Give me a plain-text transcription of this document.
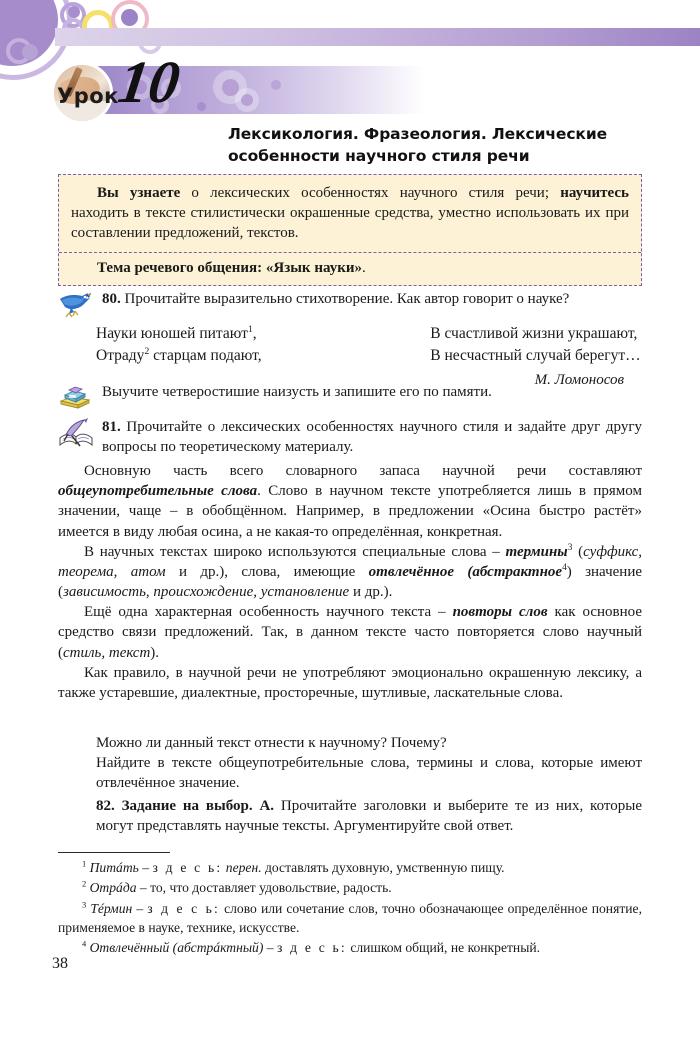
Урок
10
Лексикология. Фразеология. Лексические особенности научного стиля речи
Вы узнаете о лексических особенностях научного стиля речи; научитесь находить в тексте стилистически окрашенные средства, уместно использовать их при составлении предложений, текстов.
Тема речевого общения: «Язык науки».
80. Прочитайте выразительно стихотворение. Как автор говорит о науке?
Науки юношей питают$^1$,	В счастливой жизни украшают,
Отраду$^2$ старцам подают,	В несчастный случай берегут…
М. Ломоносов
Выучите четверостишие наизусть и запишите его по памяти.
81. Прочитайте о лексических особенностях научного стиля и задайте друг другу вопросы по теоретическому материалу.

Основную часть всего словарного запаса научной речи составляют общеупотребительные слова. Слово в научном тексте употребляется лишь в прямом значении, чаще – в обобщённом. Например, в предложении «Осина быстро растёт» имеется в виду любая осина, а не какая-то определённая, конкретная.

В научных текстах широко используются специальные слова – термины$^3$ (суффикс, теорема, атом и др.), слова, имеющие отвлечённое (абстрактное$^4$) значение (зависимость, происхождение, установление и др.).

Ещё одна характерная особенность научного текста – повторы слов как основное средство связи предложений. Так, в данном тексте часто повторяется слово научный (стиль, текст).

Как правило, в научной речи не употребляют эмоционально окрашенную лексику, а также устаревшие, диалектные, просторечные, шутливые, ласкательные слова.

Можно ли данный текст отнести к научному? Почему?

Найдите в тексте общеупотребительные слова, термины и слова, которые имеют отвлечённое значение.

82. Задание на выбор. А. Прочитайте заголовки и выберите те из них, которые могут представлять научные тексты. Аргументируйте свой ответ.

$^1$ Питáть – з д е с ь: перен. доставлять духовную, умственную пищу.

$^2$ Отрáда – то, что доставляет удовольствие, радость.

$^3$ Тéрмин – з д е с ь: слово или сочетание слов, точно обозначающее определённое понятие, применяемое в науке, технике, искусстве.

$^4$ Отвлечённый (абстрáктный) – з д е с ь: слишком общий, не конкретный.

38
